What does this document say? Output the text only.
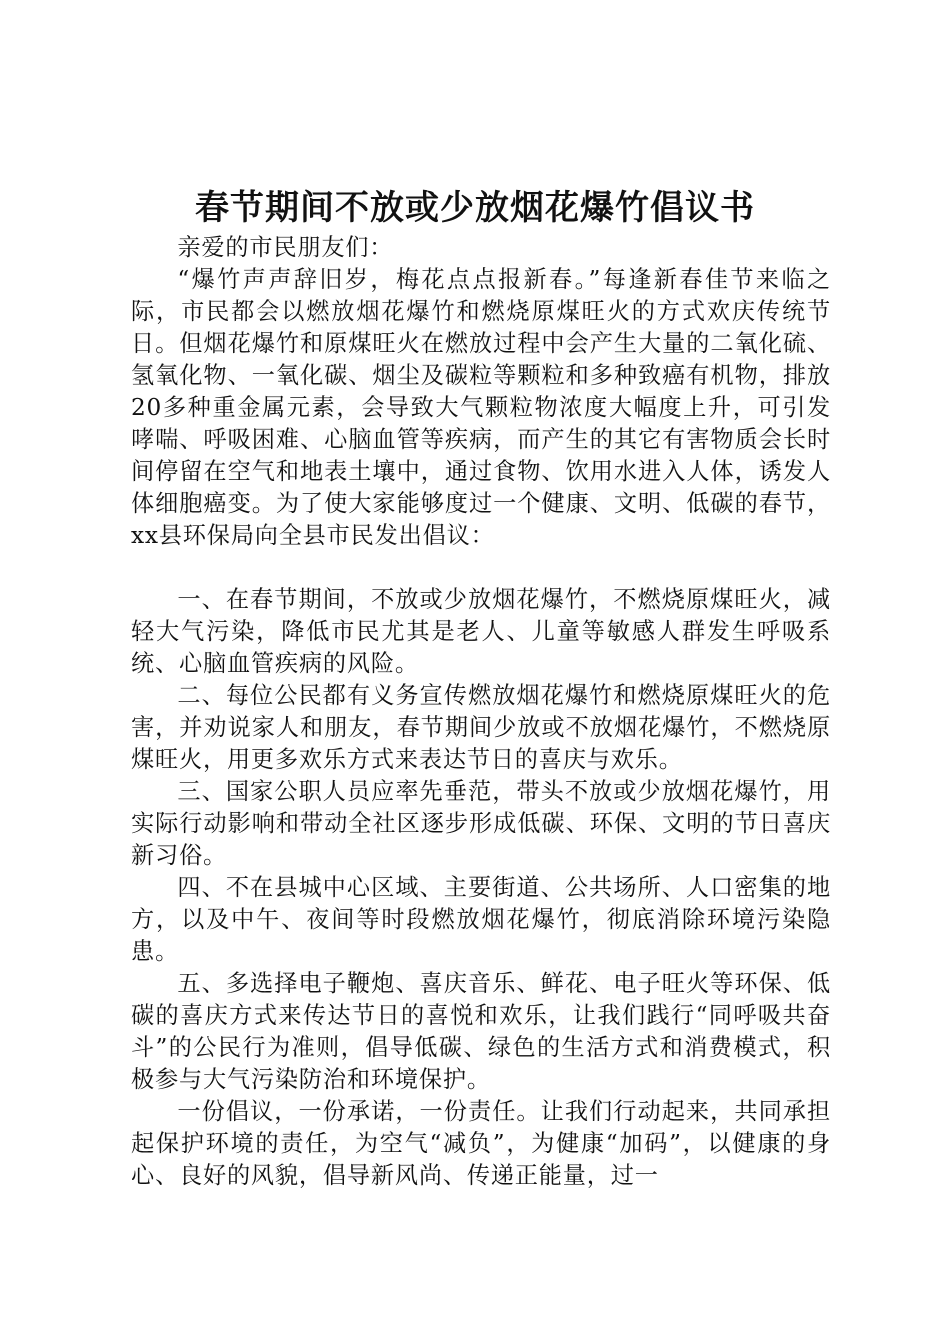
春节期间不放或少放烟花爆竹倡议书

亲爱的市民朋友们：

“爆竹声声辞旧岁，梅花点点报新春。”每逢新春佳节来临之际，市民都会以燃放烟花爆竹和燃烧原煤旺火的方式欢庆传统节日。但烟花爆竹和原煤旺火在燃放过程中会产生大量的二氧化硫、氢氧化物、一氧化碳、烟尘及碳粒等颗粒和多种致癌有机物，排放20多种重金属元素，会导致大气颗粒物浓度大幅度上升，可引发哮喘、呼吸困难、心脑血管等疾病，而产生的其它有害物质会长时间停留在空气和地表土壤中，通过食物、饮用水进入人体，诱发人体细胞癌变。为了使大家能够度过一个健康、文明、低碳的春节，xx县环保局向全县市民发出倡议：

一、在春节期间，不放或少放烟花爆竹，不燃烧原煤旺火，减轻大气污染，降低市民尤其是老人、儿童等敏感人群发生呼吸系统、心脑血管疾病的风险。

二、每位公民都有义务宣传燃放烟花爆竹和燃烧原煤旺火的危害，并劝说家人和朋友，春节期间少放或不放烟花爆竹，不燃烧原煤旺火，用更多欢乐方式来表达节日的喜庆与欢乐。

三、国家公职人员应率先垂范，带头不放或少放烟花爆竹，用实际行动影响和带动全社区逐步形成低碳、环保、文明的节日喜庆新习俗。

四、不在县城中心区域、主要街道、公共场所、人口密集的地方，以及中午、夜间等时段燃放烟花爆竹，彻底消除环境污染隐患。

五、多选择电子鞭炮、喜庆音乐、鲜花、电子旺火等环保、低碳的喜庆方式来传达节日的喜悦和欢乐，让我们践行“同呼吸共奋斗”的公民行为准则，倡导低碳、绿色的生活方式和消费模式，积极参与大气污染防治和环境保护。

一份倡议，一份承诺，一份责任。让我们行动起来，共同承担起保护环境的责任，为空气“减负”，为健康“加码”，以健康的身心、良好的风貌，倡导新风尚、传递正能量，过一
